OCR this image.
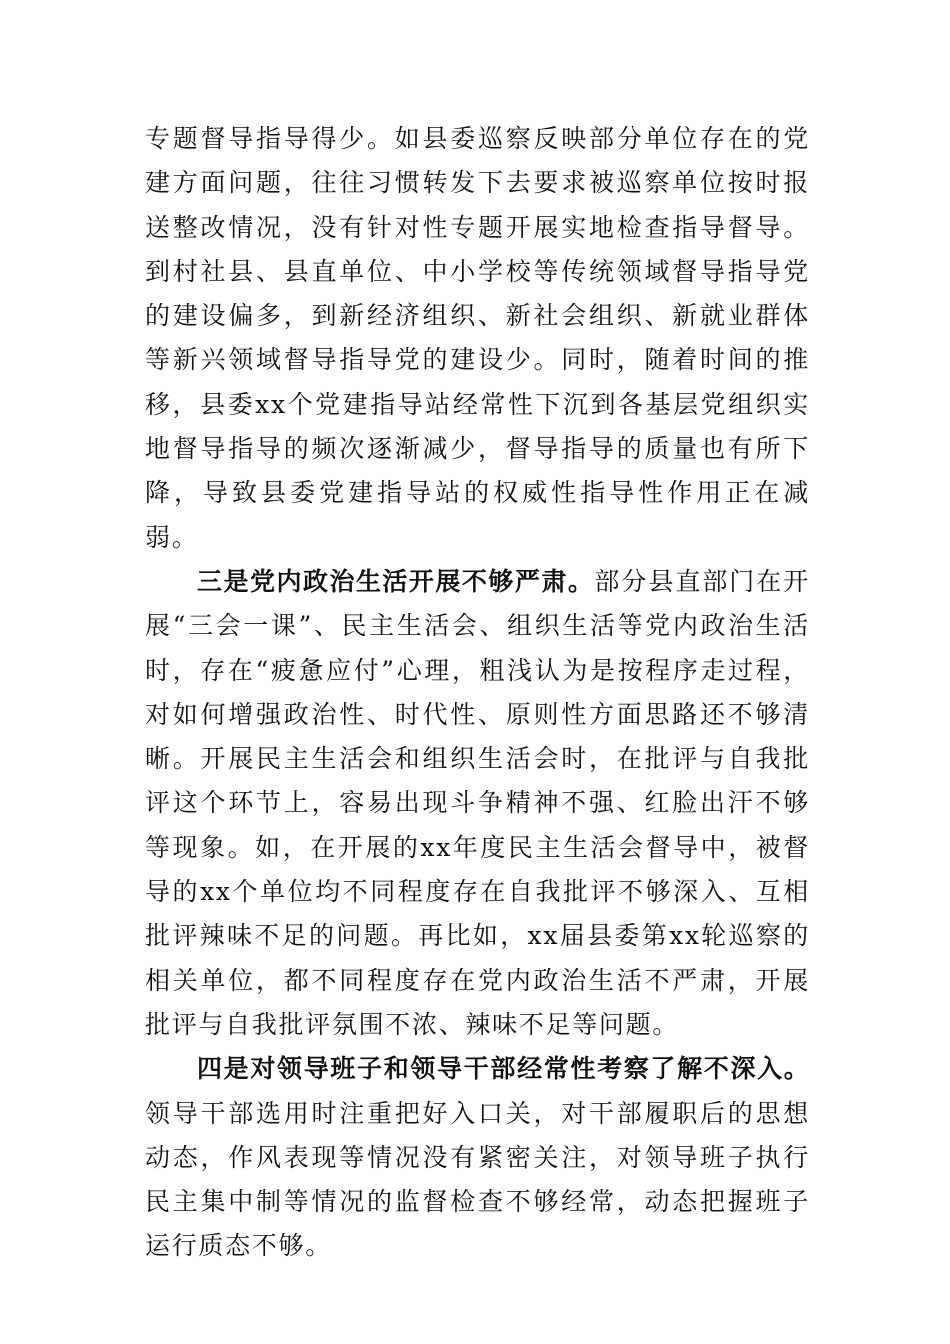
专题督导指导得少。如县委巡察反映部分单位存在的党建方面问题，往往习惯转发下去要求被巡察单位按时报送整改情况，没有针对性专题开展实地检查指导督导。到村社县、县直单位、中小学校等传统领域督导指导党的建设偏多，到新经济组织、新社会组织、新就业群体等新兴领域督导指导党的建设少。同时，随着时间的推移，县委xx个党建指导站经常性下沉到各基层党组织实地督导指导的频次逐渐减少，督导指导的质量也有所下降，导致县委党建指导站的权威性指导性作用正在减弱。

三是党内政治生活开展不够严肃。部分县直部门在开展“三会一课”、民主生活会、组织生活等党内政治生活时，存在“疲惫应付”心理，粗浅认为是按程序走过程，对如何增强政治性、时代性、原则性方面思路还不够清晰。开展民主生活会和组织生活会时，在批评与自我批评这个环节上，容易出现斗争精神不强、红脸出汗不够等现象。如，在开展的xx年度民主生活会督导中，被督导的xx个单位均不同程度存在自我批评不够深入、互相批评辣味不足的问题。再比如，xx届县委第xx轮巡察的相关单位，都不同程度存在党内政治生活不严肃，开展批评与自我批评氛围不浓、辣味不足等问题。

四是对领导班子和领导干部经常性考察了解不深入。领导干部选用时注重把好入口关，对干部履职后的思想动态，作风表现等情况没有紧密关注，对领导班子执行民主集中制等情况的监督检查不够经常，动态把握班子运行质态不够。
